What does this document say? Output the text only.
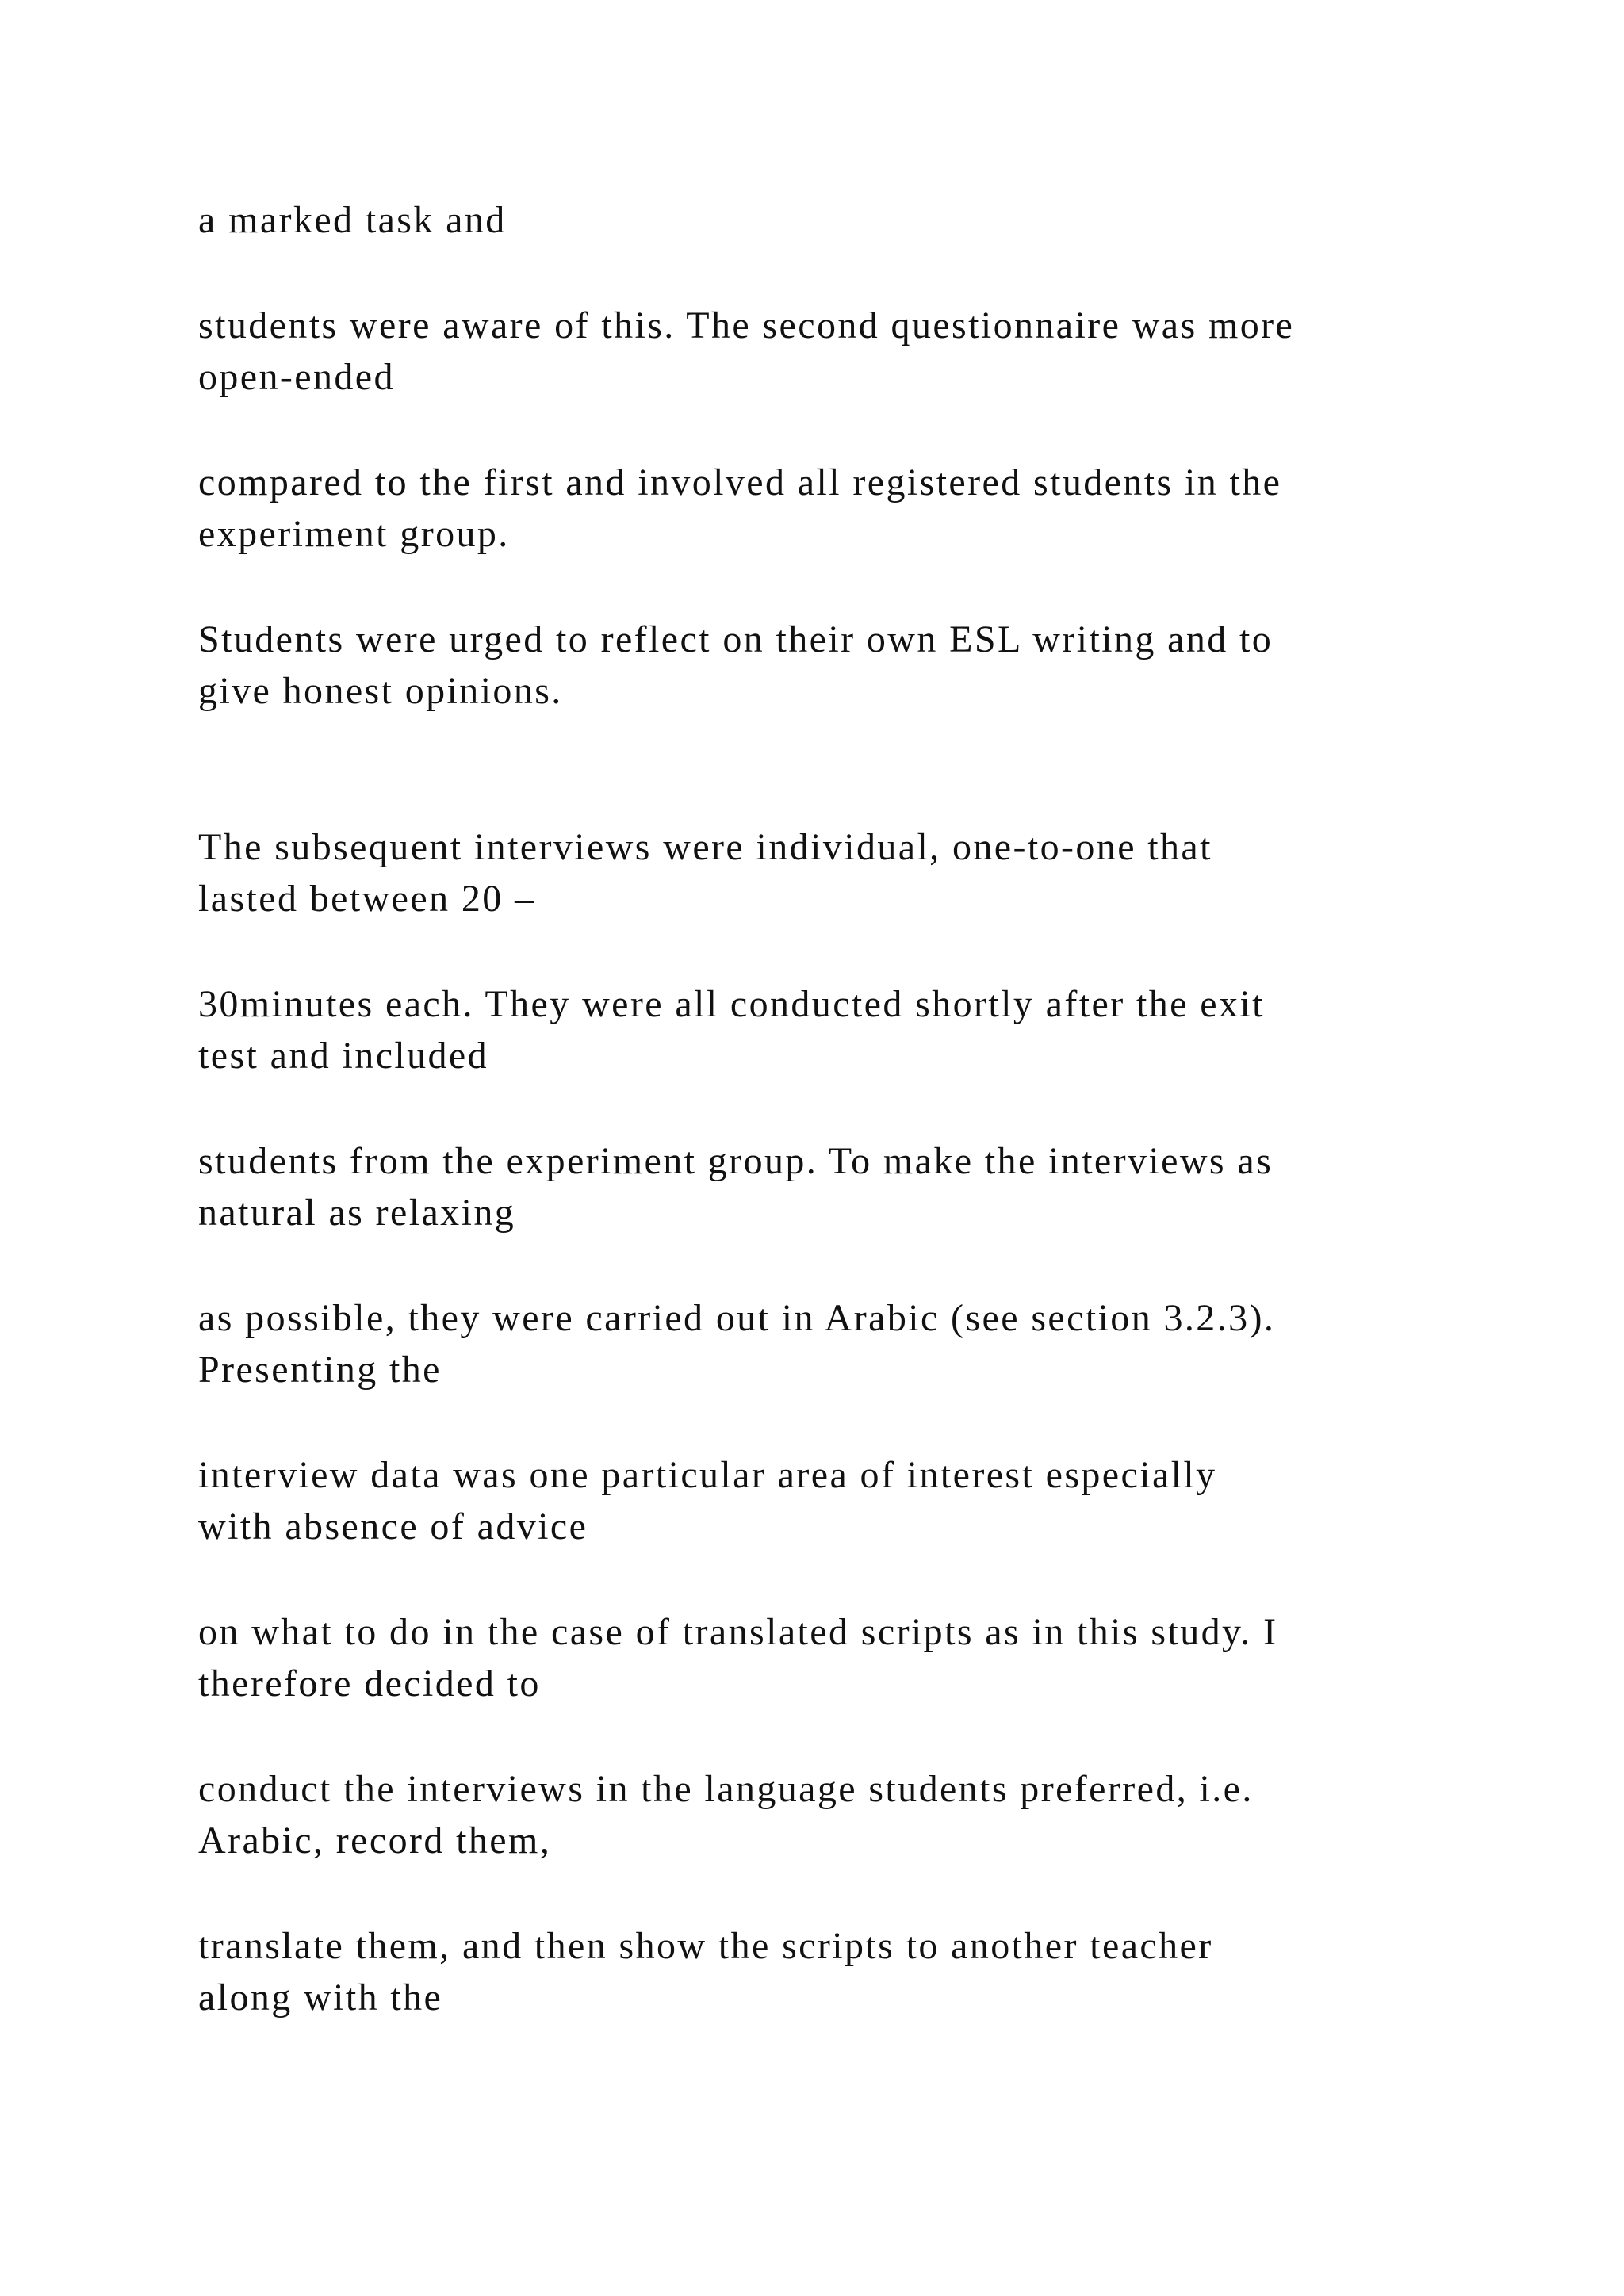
a marked task and

students were aware of this. The second questionnaire was more
open-ended

compared to the first and involved all registered students in the
experiment group.

Students were urged to reflect on their own ESL writing and to
give honest opinions.

The subsequent interviews were individual, one-to-one that
lasted between 20 –

30minutes each. They were all conducted shortly after the exit
test and included

students from the experiment group. To make the interviews as
natural as relaxing

as possible, they were carried out in Arabic (see section 3.2.3).
Presenting the

interview data was one particular area of interest especially
with absence of advice

on what to do in the case of translated scripts as in this study. I
therefore decided to

conduct the interviews in the language students preferred, i.e.
Arabic, record them,

translate them, and then show the scripts to another teacher
along with the
